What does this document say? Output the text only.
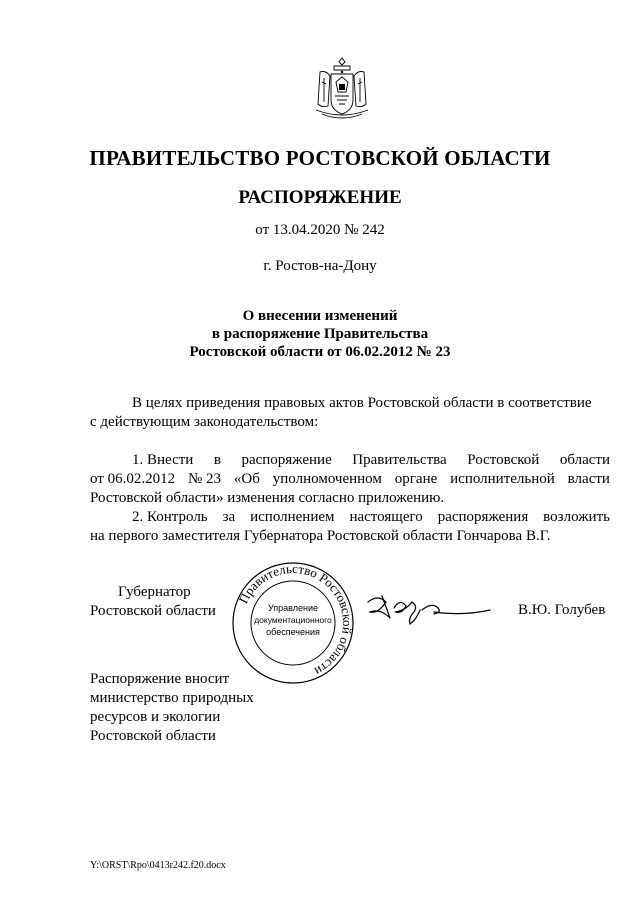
ПРАВИТЕЛЬСТВО РОСТОВСКОЙ ОБЛАСТИ
РАСПОРЯЖЕНИЕ
от 13.04.2020 № 242
г. Ростов-на-Дону
О внесении изменений
в распоряжение Правительства
Ростовской области от 06.02.2012 № 23
В целях приведения правовых актов Ростовской области в соответствие
с действующим законодательством:
1. Внести в распоряжение Правительства Ростовской области
от 06.02.2012 № 23 «Об уполномоченном органе исполнительной власти
Ростовской области» изменения согласно приложению.
2. Контроль за исполнением настоящего распоряжения возложить
на первого заместителя Губернатора Ростовской области Гончарова В.Г.
Губернатор
Ростовской области
Правительство Ростовской области
Управление
документационного
обеспечения
В.Ю. Голубев
Распоряжение вносит
министерство природных
ресурсов и экологии
Ростовской области
Y:\ORST\Rpo\0413r242.f20.docx
